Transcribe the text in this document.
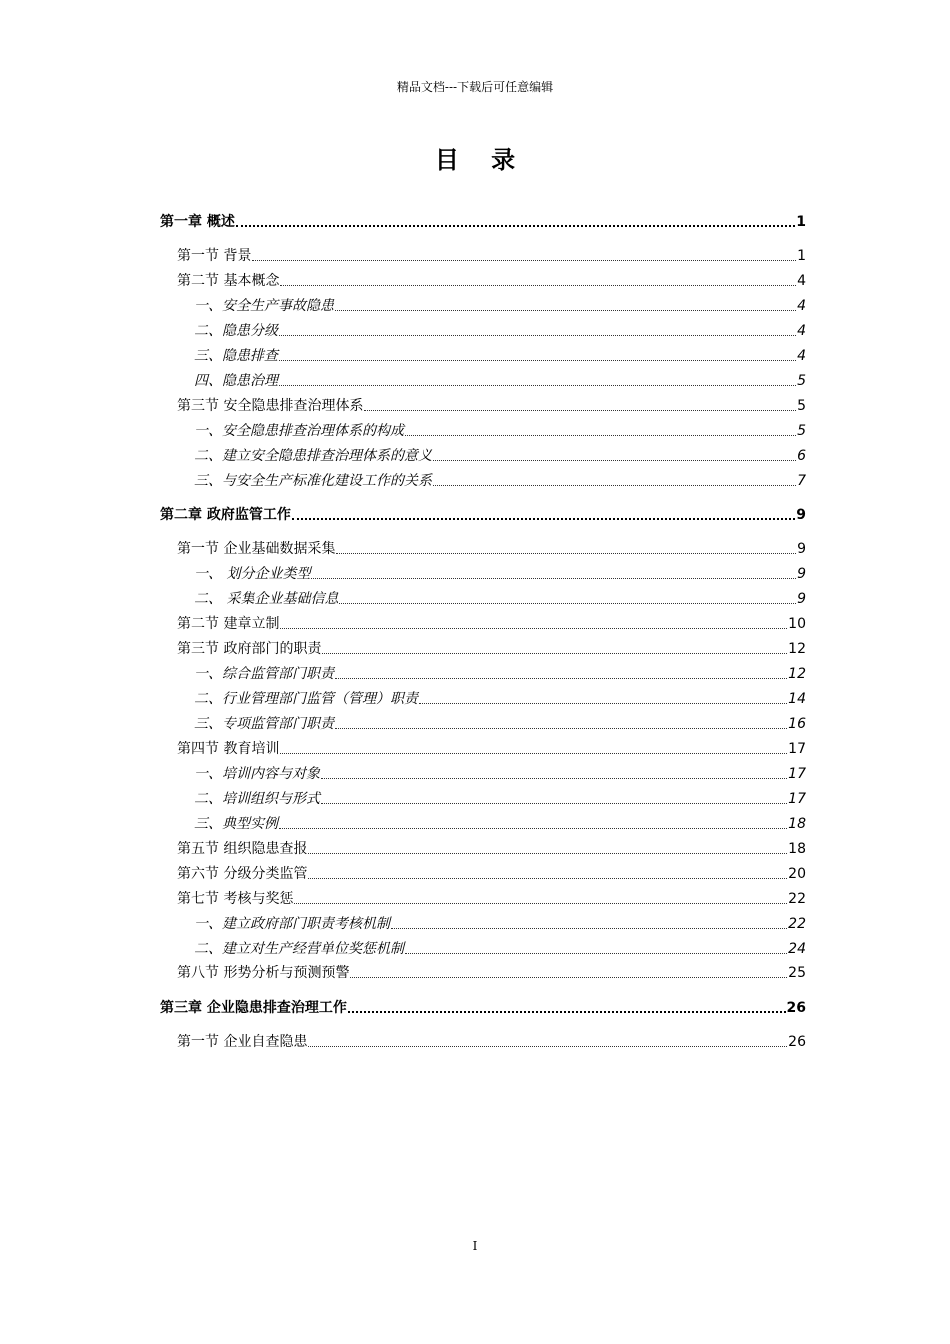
精品文档---下载后可任意编辑
目 录
第一章 概述	1
第一节 背景	1
第二节 基本概念	4
一、安全生产事故隐患	4
二、隐患分级	4
三、隐患排查	4
四、隐患治理	5
第三节 安全隐患排查治理体系	5
一、安全隐患排查治理体系的构成	5
二、建立安全隐患排查治理体系的意义	6
三、与安全生产标准化建设工作的关系	7
第二章 政府监管工作	9
第一节 企业基础数据采集	9
一、 划分企业类型	9
二、 采集企业基础信息	9
第二节 建章立制	10
第三节 政府部门的职责	12
一、综合监管部门职责	12
二、行业管理部门监管（管理）职责	14
三、专项监管部门职责	16
第四节 教育培训	17
一、培训内容与对象	17
二、培训组织与形式	17
三、典型实例	18
第五节 组织隐患查报	18
第六节 分级分类监管	20
第七节 考核与奖惩	22
一、建立政府部门职责考核机制	22
二、建立对生产经营单位奖惩机制	24
第八节 形势分析与预测预警	25
第三章 企业隐患排查治理工作	26
第一节 企业自查隐患	26
I
